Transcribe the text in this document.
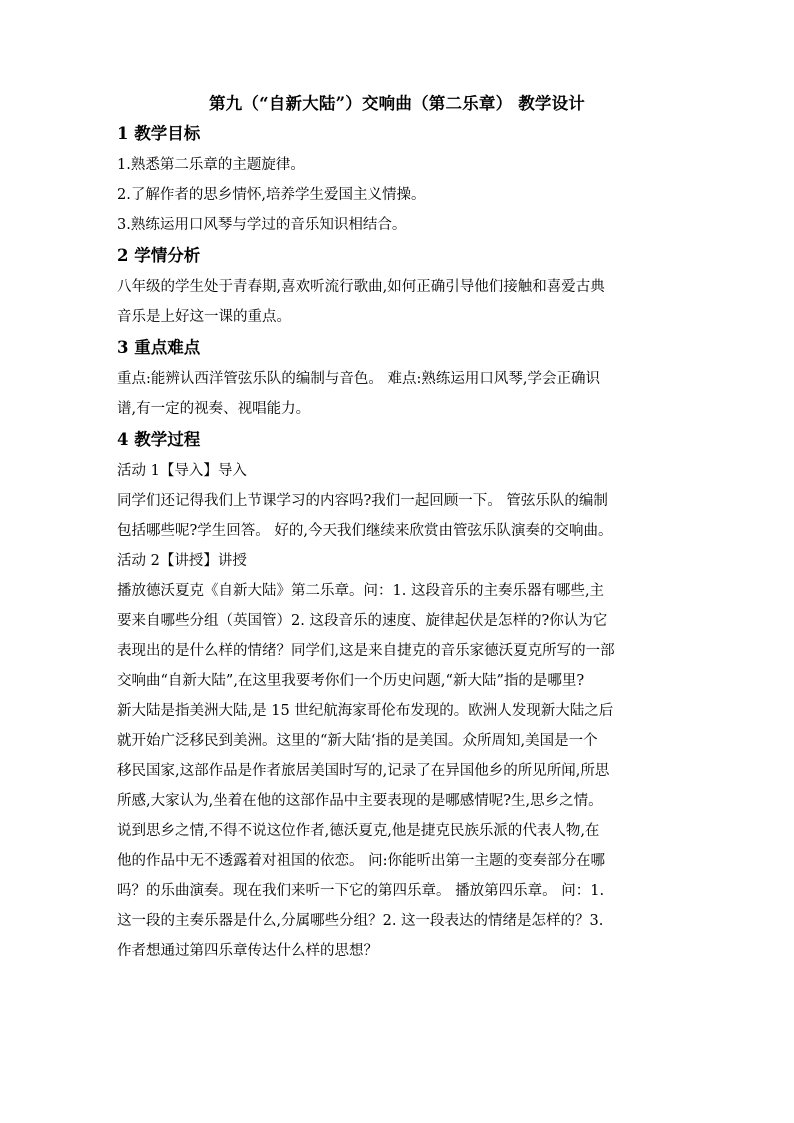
第九（“自新大陆”）交响曲（第二乐章） 教学设计
1 教学目标
1.熟悉第二乐章的主题旋律。
2.了解作者的思乡情怀,培养学生爱国主义情操。
3.熟练运用口风琴与学过的音乐知识相结合。
2 学情分析
八年级的学生处于青春期,喜欢听流行歌曲,如何正确引导他们接触和喜爱古典
音乐是上好这一课的重点。
3 重点难点
重点:能辨认西洋管弦乐队的编制与音色。 难点:熟练运用口风琴,学会正确识
谱,有一定的视奏、视唱能力。
4 教学过程
活动 1【导入】导入
同学们还记得我们上节课学习的内容吗?我们一起回顾一下。 管弦乐队的编制
包括哪些呢?学生回答。 好的,今天我们继续来欣赏由管弦乐队演奏的交响曲。
活动 2【讲授】讲授
播放德沃夏克《自新大陆》第二乐章。问：1. 这段音乐的主奏乐器有哪些,主
要来自哪些分组（英国管）2. 这段音乐的速度、旋律起伏是怎样的?你认为它
表现出的是什么样的情绪？同学们,这是来自捷克的音乐家德沃夏克所写的一部
交响曲“自新大陆”,在这里我要考你们一个历史问题,“新大陆”指的是哪里?
新大陆是指美洲大陆,是 15 世纪航海家哥伦布发现的。欧洲人发现新大陆之后
就开始广泛移民到美洲。这里的“新大陆‘指的是美国。众所周知,美国是一个
移民国家,这部作品是作者旅居美国时写的,记录了在异国他乡的所见所闻,所思
所感,大家认为,坐着在他的这部作品中主要表现的是哪感情呢?生,思乡之情。
说到思乡之情,不得不说这位作者,德沃夏克,他是捷克民族乐派的代表人物,在
他的作品中无不透露着对祖国的依恋。 问:你能听出第一主题的变奏部分在哪
吗？的乐曲演奏。现在我们来听一下它的第四乐章。 播放第四乐章。 问：1.
这一段的主奏乐器是什么,分属哪些分组？2. 这一段表达的情绪是怎样的？3.
作者想通过第四乐章传达什么样的思想？
